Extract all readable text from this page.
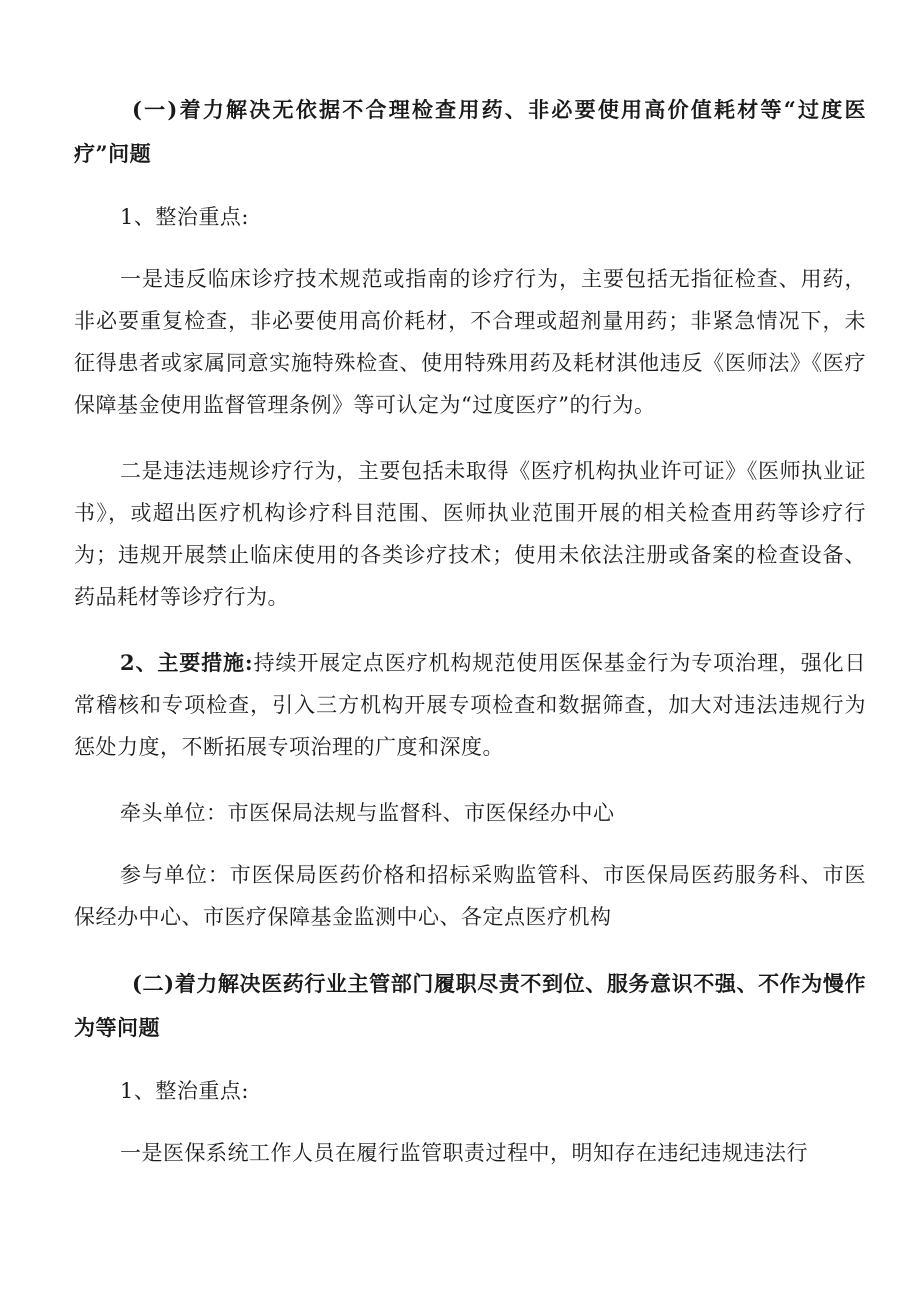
(一)着力解决无依据不合理检查用药、非必要使用高价值耗材等“过度医疗”问题

1、整治重点:

一是违反临床诊疗技术规范或指南的诊疗行为，主要包括无指征检查、用药，非必要重复检查，非必要使用高价耗材，不合理或超剂量用药；非紧急情况下，未征得患者或家属同意实施特殊检查、使用特殊用药及耗材淇他违反《医师法》《医疗保障基金使用监督管理条例》等可认定为“过度医疗”的行为。

二是违法违规诊疗行为，主要包括未取得《医疗机构执业许可证》《医师执业证书》，或超出医疗机构诊疗科目范围、医师执业范围开展的相关检查用药等诊疗行为；违规开展禁止临床使用的各类诊疗技术；使用未依法注册或备案的检查设备、药品耗材等诊疗行为。

2、主要措施:持续开展定点医疗机构规范使用医保基金行为专项治理，强化日常稽核和专项检查，引入三方机构开展专项检查和数据筛查，加大对违法违规行为惩处力度，不断拓展专项治理的广度和深度。

牵头单位：市医保局法规与监督科、市医保经办中心

参与单位：市医保局医药价格和招标采购监管科、市医保局医药服务科、市医保经办中心、市医疗保障基金监测中心、各定点医疗机构

(二)着力解决医药行业主管部门履职尽责不到位、服务意识不强、不作为慢作为等问题

1、整治重点:

一是医保系统工作人员在履行监管职责过程中，明知存在违纪违规违法行
